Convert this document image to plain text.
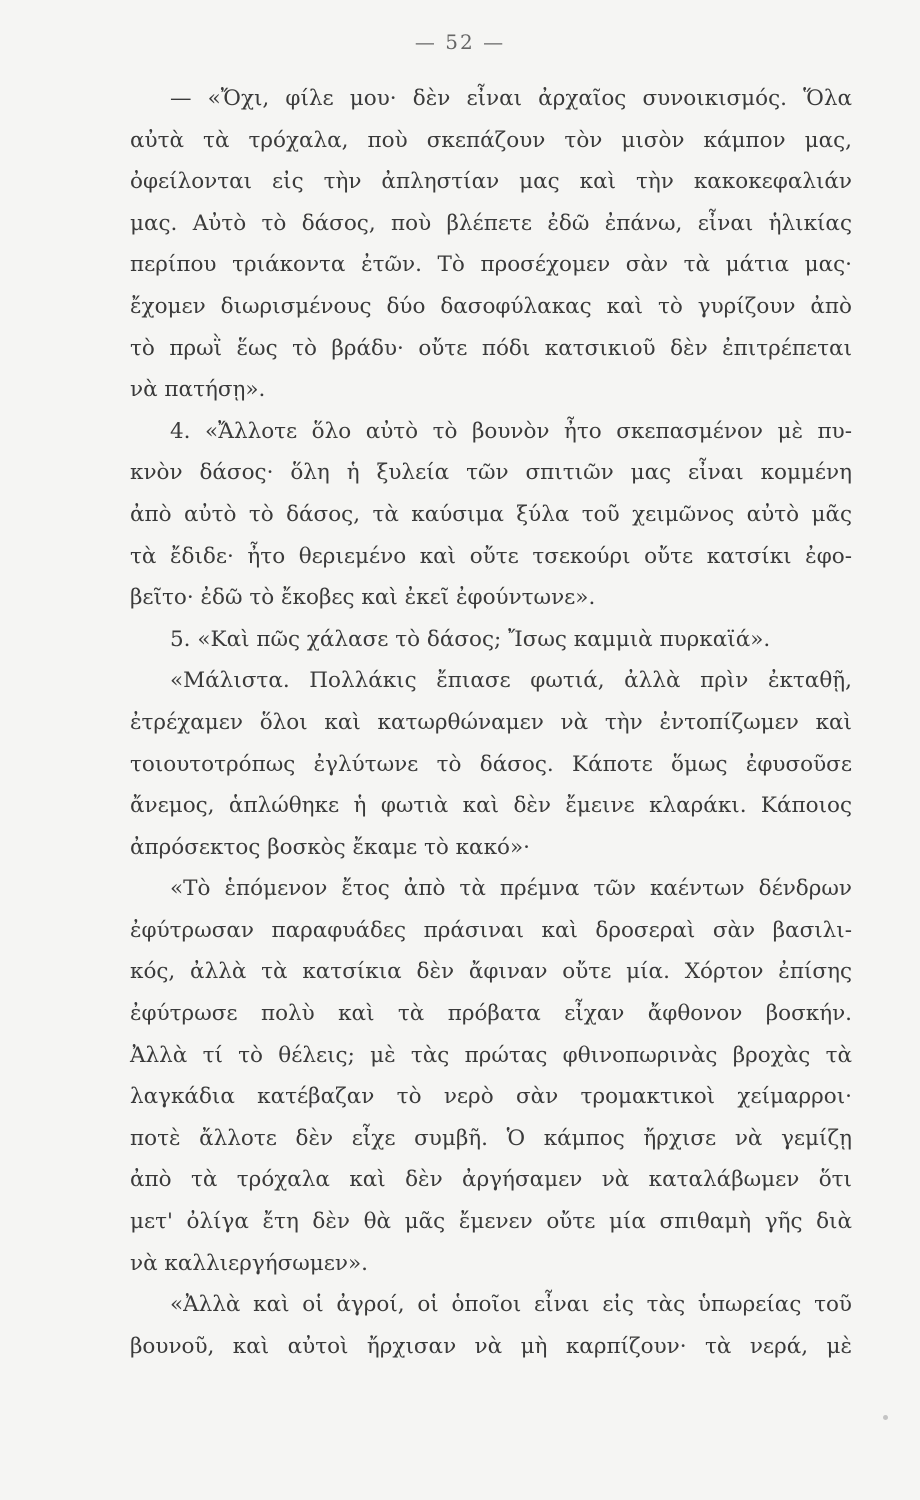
— 52 —
— «Ὄχι, φίλε μου· δὲν εἶναι ἀρχαῖος συνοικισμός. Ὅλα
αὐτὰ τὰ τρόχαλα, ποὺ σκεπάζουν τὸν μισὸν κάμπον μας,
ὀφείλονται εἰς τὴν ἀπληστίαν μας καὶ τὴν κακοκεφαλιάν
μας. Αὐτὸ τὸ δάσος, ποὺ βλέπετε ἐδῶ ἐπάνω, εἶναι ἡλικίας
περίπου τριάκοντα ἐτῶν. Τὸ προσέχομεν σὰν τὰ μάτια μας·
ἔχομεν διωρισμένους δύο δασοφύλακας καὶ τὸ γυρίζουν ἀπὸ
τὸ πρωῒ ἕως τὸ βράδυ· οὔτε πόδι κατσικιοῦ δὲν ἐπιτρέπεται
νὰ πατήσῃ».
4. «Ἄλλοτε ὅλο αὐτὸ τὸ βουνὸν ἦτο σκεπασμένον μὲ πυ-
κνὸν δάσος· ὅλη ἡ ξυλεία τῶν σπιτιῶν μας εἶναι κομμένη
ἀπὸ αὐτὸ τὸ δάσος, τὰ καύσιμα ξύλα τοῦ χειμῶνος αὐτὸ μᾶς
τὰ ἔδιδε· ἦτο θεριεμένο καὶ οὔτε τσεκούρι οὔτε κατσίκι ἐφο-
βεῖτο· ἐδῶ τὸ ἔκοβες καὶ ἐκεῖ ἐφούντωνε».
5. «Καὶ πῶς χάλασε τὸ δάσος; Ἴσως καμμιὰ πυρκαϊά».
«Μάλιστα. Πολλάκις ἔπιασε φωτιά, ἀλλὰ πρὶν ἐκταθῇ,
ἐτρέχαμεν ὅλοι καὶ κατωρθώναμεν νὰ τὴν ἐντοπίζωμεν καὶ
τοιουτοτρόπως ἐγλύτωνε τὸ δάσος. Κάποτε ὅμως ἐφυσοῦσε
ἄνεμος, ἁπλώθηκε ἡ φωτιὰ καὶ δὲν ἔμεινε κλαράκι. Κάποιος
ἀπρόσεκτος βοσκὸς ἔκαμε τὸ κακό»·
«Τὸ ἑπόμενον ἔτος ἀπὸ τὰ πρέμνα τῶν καέντων δένδρων
ἐφύτρωσαν παραφυάδες πράσιναι καὶ δροσεραὶ σὰν βασιλι-
κός, ἀλλὰ τὰ κατσίκια δὲν ἄφιναν οὔτε μία. Χόρτον ἐπίσης
ἐφύτρωσε πολὺ καὶ τὰ πρόβατα εἶχαν ἄφθονον βοσκήν.
Ἀλλὰ τί τὸ θέλεις; μὲ τὰς πρώτας φθινοπωρινὰς βροχὰς τὰ
λαγκάδια κατέβαζαν τὸ νερὸ σὰν τρομακτικοὶ χείμαρροι·
ποτὲ ἄλλοτε δὲν εἶχε συμβῆ. Ὁ κάμπος ἤρχισε νὰ γεμίζῃ
ἀπὸ τὰ τρόχαλα καὶ δὲν ἀργήσαμεν νὰ καταλάβωμεν ὅτι
μετ' ὀλίγα ἔτη δὲν θὰ μᾶς ἔμενεν οὔτε μία σπιθαμὴ γῆς διὰ
νὰ καλλιεργήσωμεν».
«Ἀλλὰ καὶ οἱ ἀγροί, οἱ ὁποῖοι εἶναι εἰς τὰς ὑπωρείας τοῦ
βουνοῦ, καὶ αὐτοὶ ἤρχισαν νὰ μὴ καρπίζουν· τὰ νερά, μὲ
